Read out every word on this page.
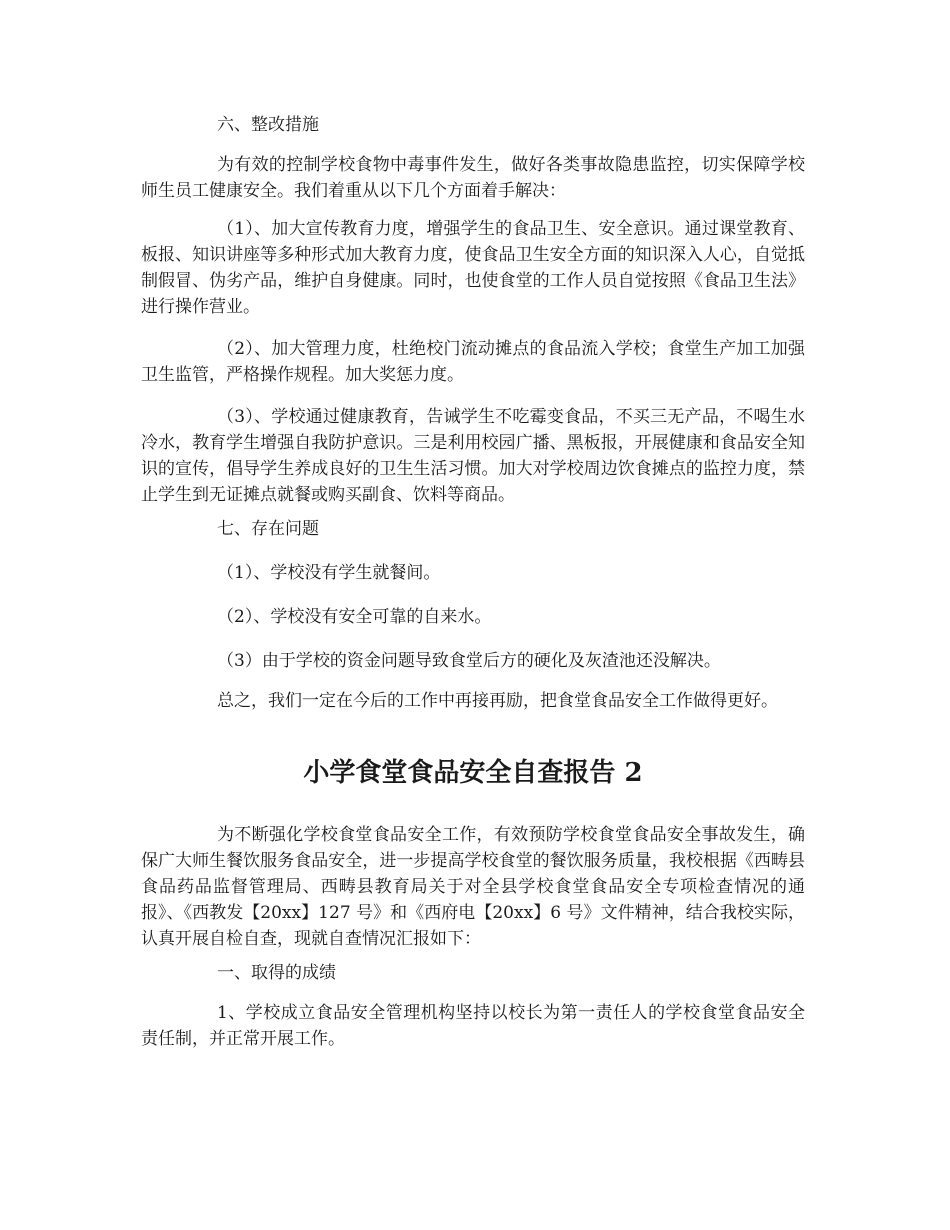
六、整改措施

为有效的控制学校食物中毒事件发生，做好各类事故隐患监控，切实保障学校师生员工健康安全。我们着重从以下几个方面着手解决：

（1）、加大宣传教育力度，增强学生的食品卫生、安全意识。通过课堂教育、板报、知识讲座等多种形式加大教育力度，使食品卫生安全方面的知识深入人心，自觉抵制假冒、伪劣产品，维护自身健康。同时，也使食堂的工作人员自觉按照《食品卫生法》进行操作营业。

（2）、加大管理力度，杜绝校门流动摊点的食品流入学校；食堂生产加工加强卫生监管，严格操作规程。加大奖惩力度。

（3）、学校通过健康教育，告诫学生不吃霉变食品，不买三无产品，不喝生水冷水，教育学生增强自我防护意识。三是利用校园广播、黑板报，开展健康和食品安全知识的宣传，倡导学生养成良好的卫生生活习惯。加大对学校周边饮食摊点的监控力度，禁止学生到无证摊点就餐或购买副食、饮料等商品。

七、存在问题

（1）、学校没有学生就餐间。

（2）、学校没有安全可靠的自来水。

（3）由于学校的资金问题导致食堂后方的硬化及灰渣池还没解决。

总之，我们一定在今后的工作中再接再励，把食堂食品安全工作做得更好。

小学食堂食品安全自查报告 2

为不断强化学校食堂食品安全工作，有效预防学校食堂食品安全事故发生，确保广大师生餐饮服务食品安全，进一步提高学校食堂的餐饮服务质量，我校根据《西畴县食品药品监督管理局、西畴县教育局关于对全县学校食堂食品安全专项检查情况的通报》、《西教发【20xx】127 号》和《西府电【20xx】6 号》文件精神，结合我校实际，认真开展自检自查，现就自查情况汇报如下：

一、取得的成绩

1、学校成立食品安全管理机构坚持以校长为第一责任人的学校食堂食品安全责任制，并正常开展工作。
